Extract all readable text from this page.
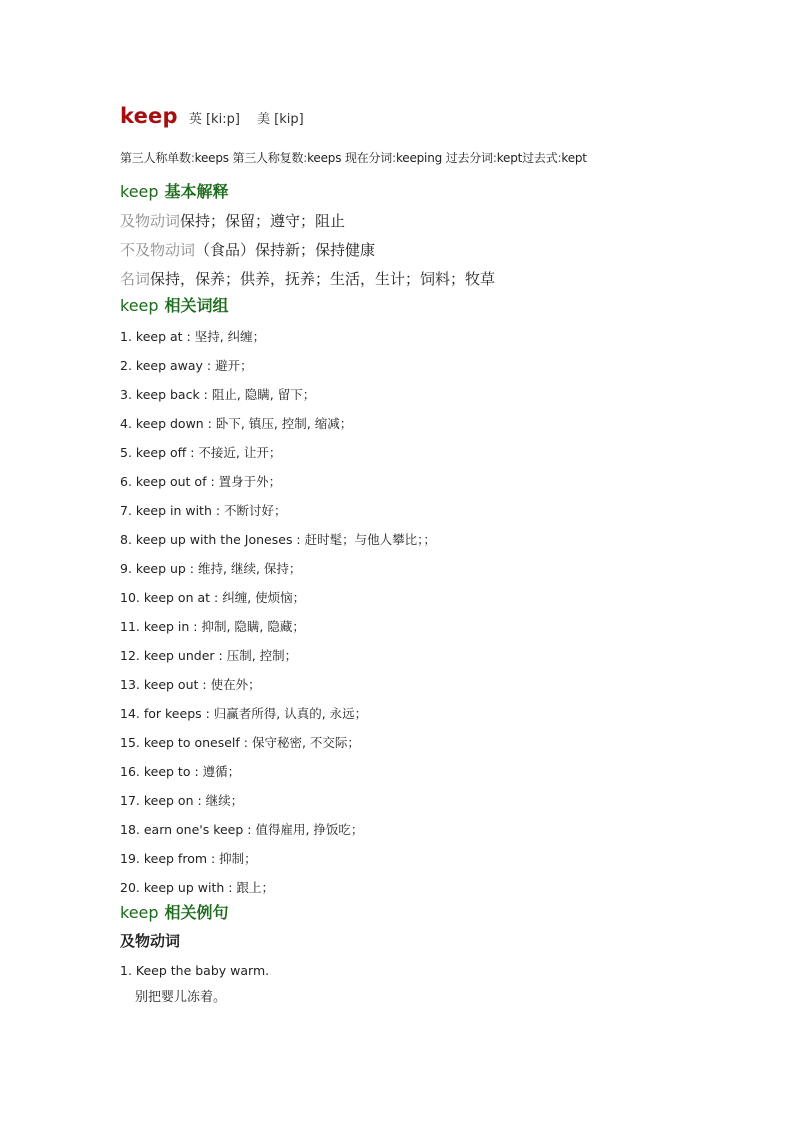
keep 英 [ki:p] 美 [kip]
第三人称单数:keeps 第三人称复数:keeps 现在分词:keeping 过去分词:kept过去式:kept
keep 基本解释
及物动词保持；保留；遵守；阻止
不及物动词（食品）保持新；保持健康
名词保持，保养；供养，抚养；生活，生计；饲料；牧草
keep 相关词组
1. keep at : 坚持, 纠缠；
2. keep away : 避开；
3. keep back : 阻止, 隐瞒, 留下；
4. keep down : 卧下, 镇压, 控制, 缩减；
5. keep off : 不接近, 让开；
6. keep out of : 置身于外；
7. keep in with : 不断讨好；
8. keep up with the Joneses : 赶时髦；与他人攀比；；
9. keep up : 维持, 继续, 保持；
10. keep on at : 纠缠, 使烦恼；
11. keep in : 抑制, 隐瞒, 隐藏；
12. keep under : 压制, 控制；
13. keep out : 使在外；
14. for keeps : 归赢者所得, 认真的, 永远；
15. keep to oneself : 保守秘密, 不交际；
16. keep to : 遵循；
17. keep on : 继续；
18. earn one's keep : 值得雇用, 挣饭吃；
19. keep from : 抑制；
20. keep up with : 跟上；
keep 相关例句
及物动词
1. Keep the baby warm.
别把婴儿冻着。
